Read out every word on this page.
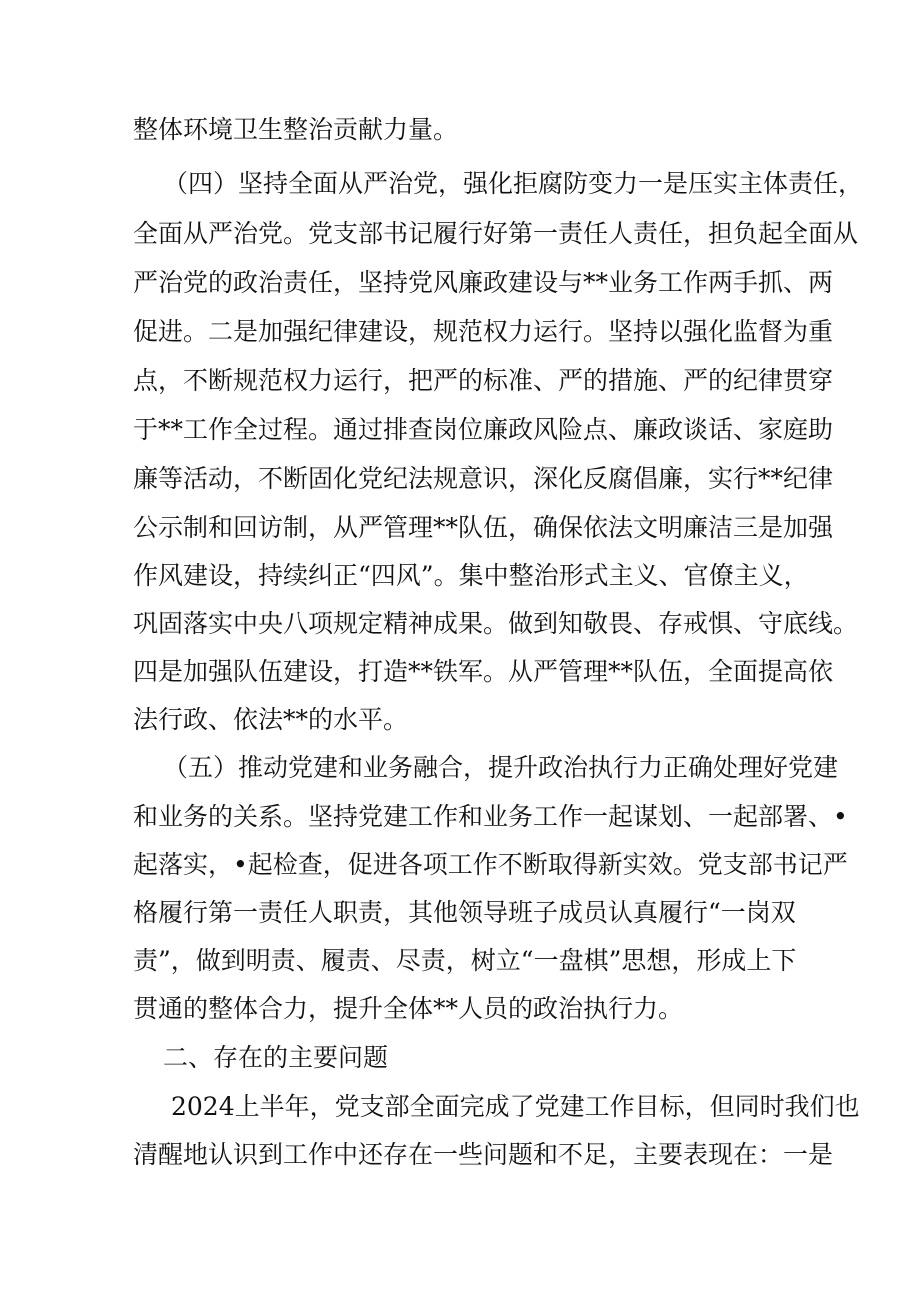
整体环境卫生整治贡献力量。

（四）坚持全面从严治党，强化拒腐防变力一是压实主体责任，

全面从严治党。党支部书记履行好第一责任人责任，担负起全面从

严治党的政治责任，坚持党风廉政建设与**业务工作两手抓、两

促进。二是加强纪律建设，规范权力运行。坚持以强化监督为重

点，不断规范权力运行，把严的标准、严的措施、严的纪律贯穿

于**工作全过程。通过排查岗位廉政风险点、廉政谈话、家庭助

廉等活动，不断固化党纪法规意识，深化反腐倡廉，实行**纪律

公示制和回访制，从严管理**队伍，确保依法文明廉洁三是加强

作风建设，持续纠正“四风”。集中整治形式主义、官僚主义，

巩固落实中央八项规定精神成果。做到知敬畏、存戒惧、守底线。

四是加强队伍建设，打造**铁军。从严管理**队伍，全面提高依

法行政、依法**的水平。

（五）推动党建和业务融合，提升政治执行力正确处理好党建

和业务的关系。坚持党建工作和业务工作一起谋划、一起部署、•

起落实，•起检查，促进各项工作不断取得新实效。党支部书记严

格履行第一责任人职责，其他领导班子成员认真履行“一岗双

责”，做到明责、履责、尽责，树立“一盘棋”思想，形成上下

贯通的整体合力，提升全体**人员的政治执行力。

二、存在的主要问题

2024上半年，党支部全面完成了党建工作目标，但同时我们也

清醒地认识到工作中还存在一些问题和不足，主要表现在：一是
